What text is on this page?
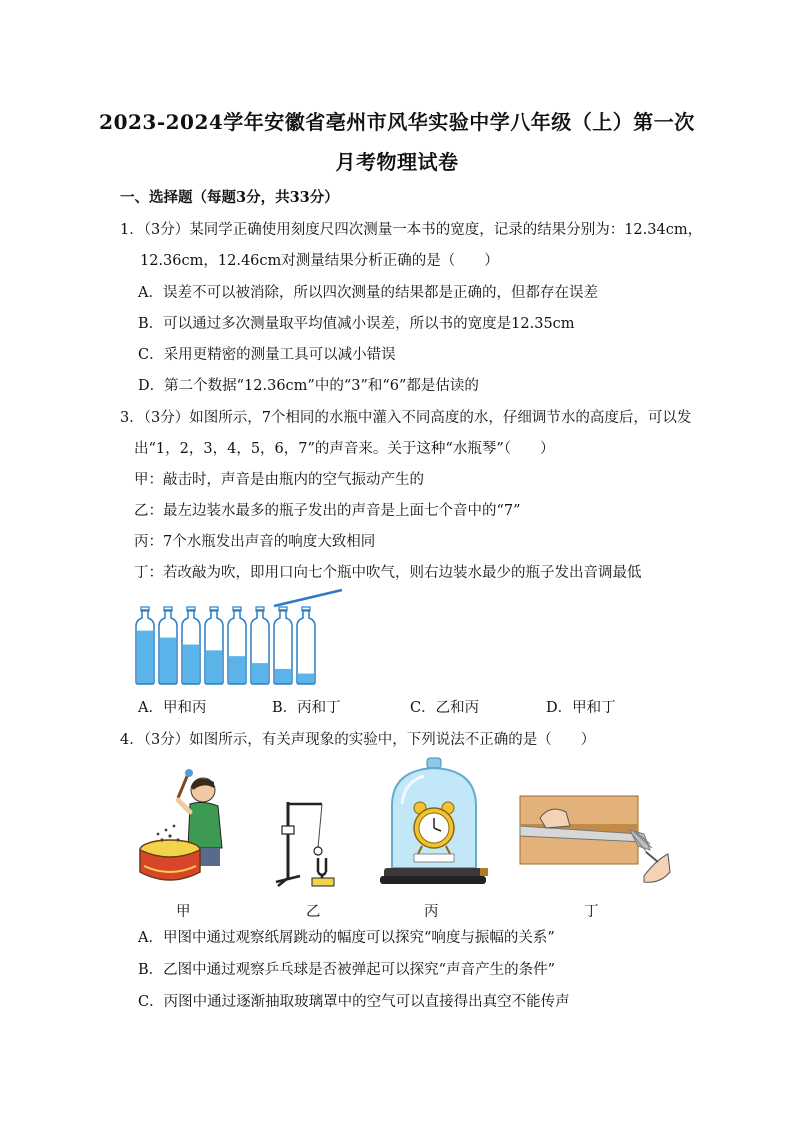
2023-2024学年安徽省亳州市风华实验中学八年级（上）第一次
月考物理试卷
一、选择题（每题3分，共33分）
1．（3分）某同学正确使用刻度尺四次测量一本书的宽度，记录的结果分别为：12.34cm，
12.36cm，12.46cm对测量结果分析正确的是（　　）
A．误差不可以被消除，所以四次测量的结果都是正确的，但都存在误差
B．可以通过多次测量取平均值减小误差，所以书的宽度是12.35cm
C．采用更精密的测量工具可以减小错误
D．第二个数据“12.36cm”中的“3”和“6”都是估读的
3．（3分）如图所示，7个相同的水瓶中灌入不同高度的水，仔细调节水的高度后，可以发
出“1，2，3，4，5，6，7”的声音来。关于这种“水瓶琴”（　　）
甲：敲击时，声音是由瓶内的空气振动产生的
乙：最左边装水最多的瓶子发出的声音是上面七个音中的“7”
丙：7个水瓶发出声音的响度大致相同
丁：若改敲为吹，即用口向七个瓶中吹气，则右边装水最少的瓶子发出音调最低
A．甲和丙	B．丙和丁	C．乙和丙	D．甲和丁
4．（3分）如图所示，有关声现象的实验中，下列说法不正确的是（　　）
甲	乙	丙	丁
A．甲图中通过观察纸屑跳动的幅度可以探究“响度与振幅的关系”
B．乙图中通过观察乒乓球是否被弹起可以探究“声音产生的条件”
C．丙图中通过逐渐抽取玻璃罩中的空气可以直接得出真空不能传声
